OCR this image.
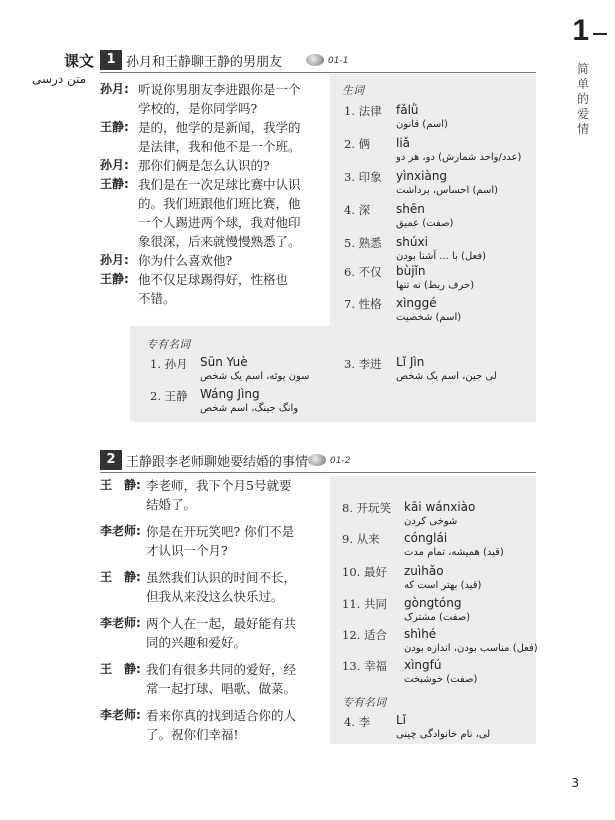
1
简
单
的
爱
情
课文
متن درسی
1 孙月和王静聊王静的男朋友	01-1
孙月: 听说你男朋友李进跟你是一个
学校的，是你同学吗?
王静: 是的，他学的是新闻，我学的
是法律，我和他不是一个班。
孙月: 那你们俩是怎么认识的?
王静: 我们是在一次足球比赛中认识
的。我们班跟他们班比赛，他
一个人踢进两个球，我对他印
象很深，后来就慢慢熟悉了。
孙月: 你为什么喜欢他?
王静: 他不仅足球踢得好，性格也
不错。
生词
1. 法律 fǎlǜ
(اسم) قانون
2. 俩 liǎ
(عدد/واحد شمارش) دو، هر دو
3. 印象 yìnxiàng
(اسم) احساس، برداشت
4. 深 shēn
(صفت) عمیق
5. 熟悉 shúxi
(فعل) با ... آشنا بودن
6. 不仅 bùjǐn
(حرف ربط) نه تنها
7. 性格 xìnggé
(اسم) شخصیت
专有名词
1. 孙月 Sūn Yuè
سون یوئه، اسم یک شخص
2. 王静 Wáng Jìng
وانگ جینگ، اسم شخص
3. 李进 Lǐ Jìn
لی جین، اسم یک شخص
2 王静跟李老师聊她要结婚的事情 01-2
王　静: 李老师，我下个月5号就要
结婚了。
李老师: 你是在开玩笑吧? 你们不是
才认识一个月?
王　静: 虽然我们认识的时间不长，
但我从来没这么快乐过。
李老师: 两个人在一起，最好能有共
同的兴趣和爱好。
王　静: 我们有很多共同的爱好，经
常一起打球、唱歌、做菜。
李老师: 看来你真的找到适合你的人
了。祝你们幸福!
8. 开玩笑 kāi wánxiào
شوخی کردن
9. 从来 cónglái
(قید) همیشه، تمام مدت
10. 最好 zuìhǎo
(قید) بهتر است که
11. 共同 gòngtóng
(صفت) مشترک
12. 适合 shìhé
(فعل) مناسب بودن، اندازه بودن
13. 幸福 xìngfú
(صفت) خوشبخت
专有名词
4. 李 Lǐ
لی، نام خانوادگی چینی
3
